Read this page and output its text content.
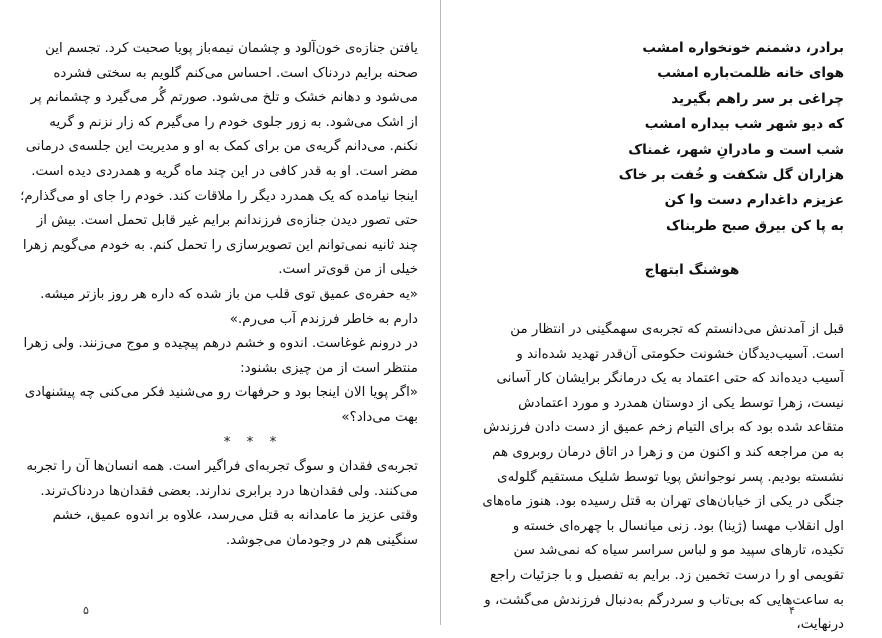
یافتن جنازه‌ی خون‌آلود و چشمان نیمه‌باز پویا صحبت کرد. تجسم این صحنه برایم دردناک است. احساس می‌کنم گلویم به سختی فشرده می‌شود و دهانم خشک و تلخ می‌شود. صورتم گُر می‌گیرد و چشمانم پر از اشک می‌شود. به زور جلوی خودم را می‌گیرم که زار نزنم و گریه نکنم. می‌دانم گریه‌ی من برای کمک به او و مدیریت این جلسه‌ی درمانی مضر است. او به قدر کافی در این چند ماه گریه و همدردی دیده است. اینجا نیامده که یک همدرد دیگر را ملاقات کند. خودم را جای او می‌گذارم؛ حتی تصور دیدن جنازه‌ی فرزندانم برایم غیر قابل تحمل است. بیش از چند ثانیه نمی‌توانم این تصویرسازی را تحمل کنم. به خودم می‌گویم زهرا خیلی از من قوی‌تر است.

«یه حفره‌ی عمیق توی قلب من باز شده که داره هر روز بازتر میشه. دارم به خاطر فرزندم آب می‌رم.»

در درونم غوغاست. اندوه و خشم درهم پیچیده و موج می‌زنند. ولی زهرا منتظر است از من چیزی بشنود:

«اگر پویا الان اینجا بود و حرفهات رو می‌شنید فکر می‌کنی چه پیشنهادی بهت می‌داد؟»

* * *

تجربه‌ی فقدان و سوگ تجربه‌ای فراگیر است. همه انسان‌ها آن را تجربه می‌کنند. ولی فقدان‌ها درد برابری ندارند. بعضی فقدان‌ها دردناک‌ترند. وقتی عزیز ما عامدانه به قتل می‌رسد، علاوه بر اندوه عمیق، خشم سنگینی هم در وجودمان می‌جوشد.

۵
برادر، دشمنم خونخواره امشب
هوای خانه ظلمت‌باره امشب
چراغی بر سر راهم بگیرید
که دیو شهر شب بیداره امشب
شب است و مادرانِ شهر، غمناک
هزاران گل شکفت و خُفت بر خاک
عزیزم داغدارم دست وا کن
به پا کن بیرق صبح طربناک
هوشنگ ابتهاج

قبل از آمدنش می‌دانستم که تجربه‌ی سهمگینی در انتظار من است. آسیب‌دیدگان خشونت حکومتی آن‌قدر تهدید شده‌اند و آسیب دیده‌اند که حتی اعتماد به یک درمانگر برایشان کار آسانی نیست، زهرا توسط یکی از دوستان همدرد و مورد اعتمادش متقاعد شده بود که برای التیام زخم عمیق از دست دادن فرزندش به من مراجعه کند و اکنون من و زهرا در اتاق درمان روبروی هم نشسته بودیم. پسر نوجوانش پویا توسط شلیک مستقیم گلوله‌ی جنگی در یکی از خیابان‌های تهران به قتل رسیده بود. هنوز ماه‌های اول انقلاب مهسا (ژینا) بود. زنی میانسال با چهره‌ای خسته و تکیده، تارهای سپید مو و لباس سراسر سیاه که نمی‌شد سن تقویمی او را درست تخمین زد. برایم به تفصیل و با جزئیات راجع به ساعت‌هایی که بی‌تاب و سردرگم به‌دنبال فرزندش می‌گشت، و درنهایت،

۴
